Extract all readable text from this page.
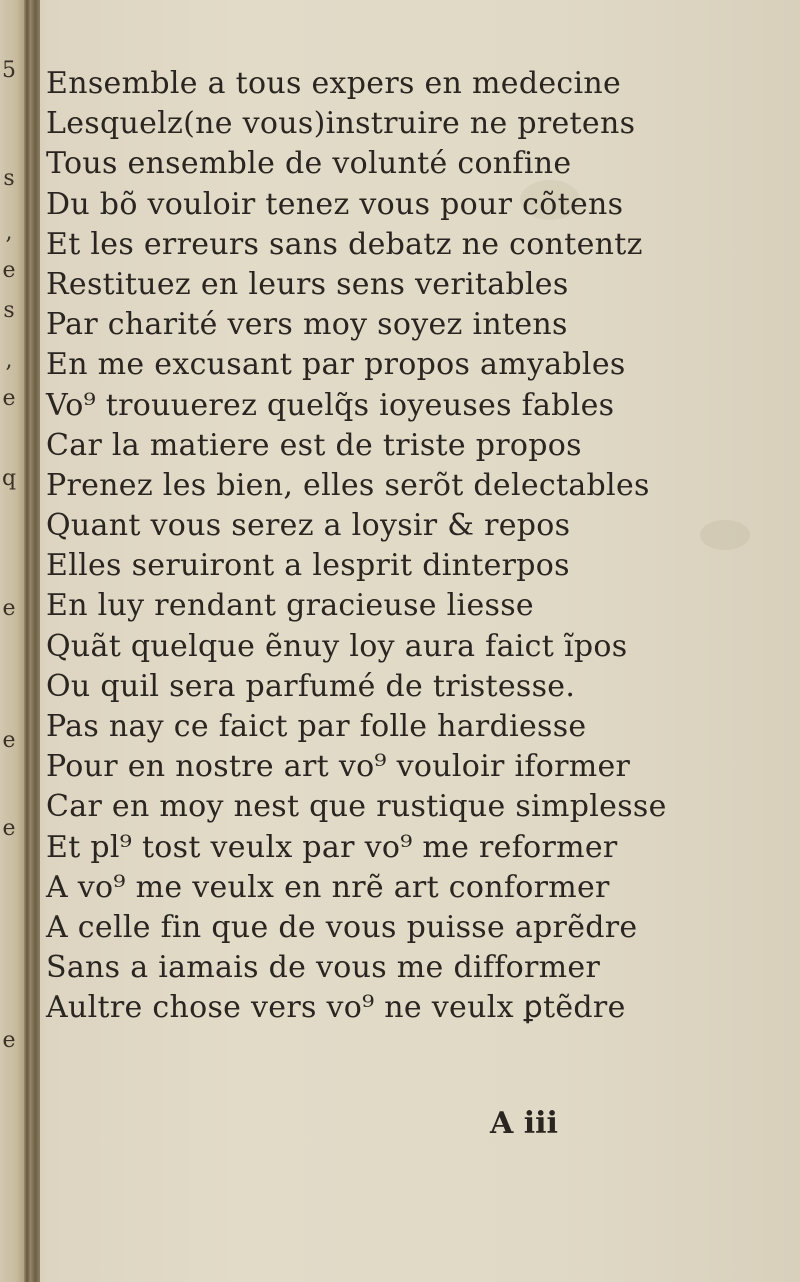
5
s
,
e
s
,
e
q
e
e
e
e
Ensemble a tous expers en medecine
Lesquelz(ne vous)instruire ne pretens
Tous ensemble de volunté confine
Du bõ vouloir tenez vous pour cõtens
Et les erreurs sans debatz ne contentz
Restituez en leurs sens veritables
Par charité vers moy soyez intens
En me excusant par propos amyables
Vo⁹ trouuerez quelq̃s ioyeuses fables
Car la matiere est de triste propos
Prenez les bien, elles serõt delectables
Quant vous serez a loysir & repos
Elles seruiront a lesprit dinterpos
En luy rendant gracieuse liesse
Quãt quelque ẽnuy loy aura faict ĩpos
Ou quil sera parfumé de tristesse.
Pas nay ce faict par folle hardiesse
Pour en nostre art vo⁹ vouloir iformer
Car en moy nest que rustique simplesse
Et pl⁹ tost veulx par vo⁹ me reformer
A vo⁹ me veulx en nrẽ art conformer
A celle fin que de vous puisse aprẽdre
Sans a iamais de vous me difformer
Aultre chose vers vo⁹ ne veulx ꝑtẽdre
A iii
